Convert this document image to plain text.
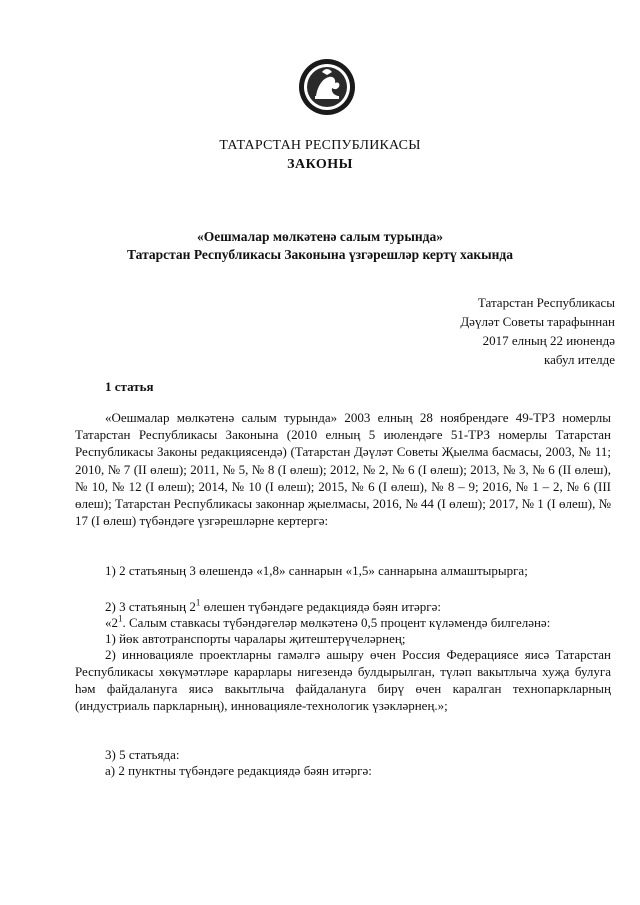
ТАТАРСТАН РЕСПУБЛИКАСЫ
ЗАКОНЫ
«Оешмалар мөлкәтенә салым турында»
Татарстан Республикасы Законына үзгәрешләр кертү хакында
Татарстан Республикасы
Дәүләт Советы тарафыннан
2017 елның 22 июнендә
кабул ителде
1 статья
«Оешмалар мөлкәтенә салым турында» 2003 елның 28 ноябрендәге 49-ТРЗ номерлы Татарстан Республикасы Законына (2010 елның 5 июлендәге 51-ТРЗ номерлы Татарстан Республикасы Законы редакциясендә) (Татарстан Дәүләт Советы Җыелма басмасы, 2003, № 11; 2010, № 7 (II өлеш); 2011, № 5, № 8 (I өлеш); 2012, № 2, № 6 (I өлеш); 2013, № 3, № 6 (II өлеш), № 10, № 12 (I өлеш); 2014, № 10 (I өлеш); 2015, № 6 (I өлеш), № 8 – 9; 2016, № 1 – 2, № 6 (III өлеш); Татарстан Республикасы законнар җыелмасы, 2016, № 44 (I өлеш); 2017, № 1 (I өлеш), № 17 (I өлеш) түбәндәге үзгәрешләрне кертергә:
1) 2 статьяның 3 өлешендә «1,8» саннарын «1,5» саннарына алмаштырырга;
2) 3 статьяның $2^1$ өлешен түбәндәге редакциядә бәян итәргә:
«$2^1$. Салым ставкасы түбәндәгеләр мөлкәтенә 0,5 процент күләмендә билгеләнә:
1) йөк автотранспорты чаралары җитештерүчеләрнең;
2) инновацияле проектларны гамәлгә ашыру өчен Россия Федерациясе яисә Татарстан Республикасы хөкүмәтләре карарлары нигезендә булдырылган, түләп вакытлыча хуҗа булуга һәм файдалануга яисә вакытлыча файдалануга бирү өчен каралган технопаркларның (индустриаль паркларның), инновацияле-технологик үзәкләрнең.»;
3) 5 статьяда:
а) 2 пунктны түбәндәге редакциядә бәян итәргә:
